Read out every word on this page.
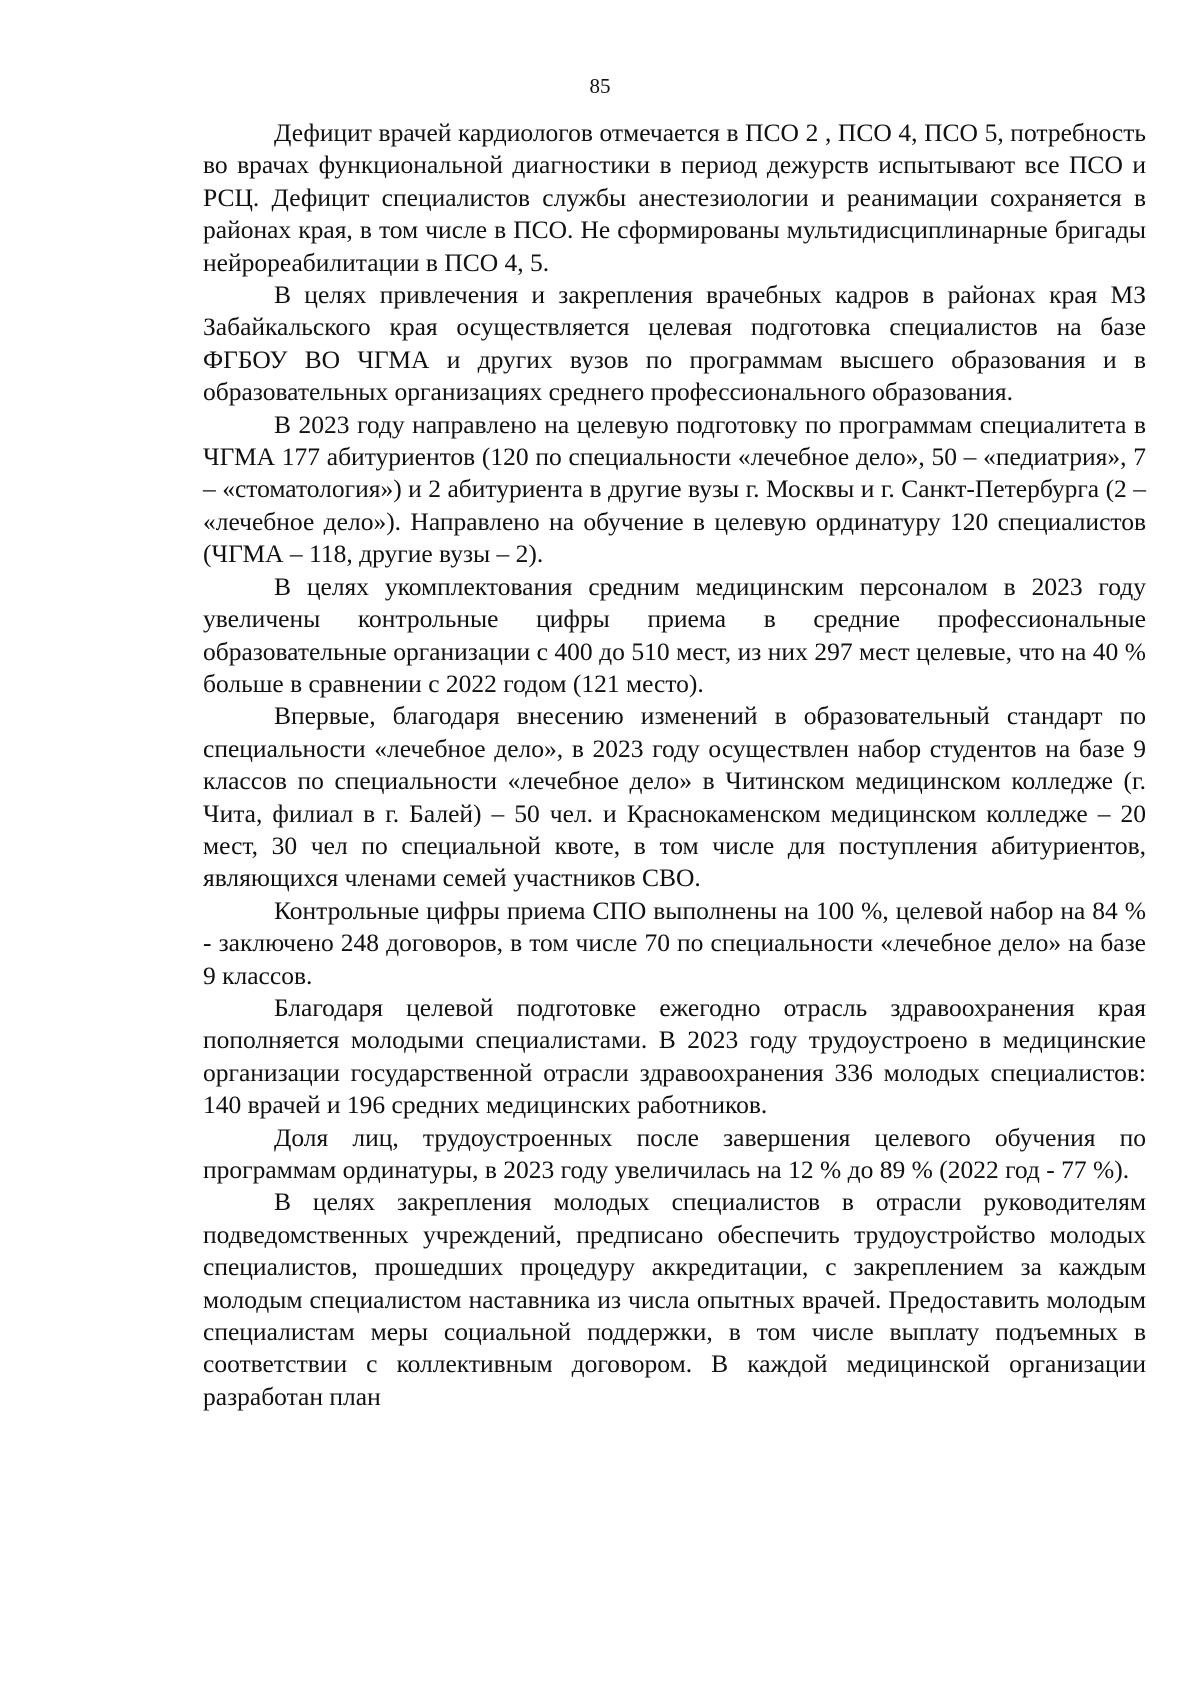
85

Дефицит врачей кардиологов отмечается в ПСО 2 , ПСО 4, ПСО 5, потребность во врачах функциональной диагностики в период дежурств испытывают все ПСО и РСЦ. Дефицит специалистов службы анестезиологии и реанимации сохраняется в районах края, в том числе в ПСО. Не сформированы мультидисциплинарные бригады нейрореабилитации в ПСО 4, 5.

В целях привлечения и закрепления врачебных кадров в районах края МЗ Забайкальского края осуществляется целевая подготовка специалистов на базе ФГБОУ ВО ЧГМА и других вузов по программам высшего образования и в образовательных организациях среднего профессионального образования.

В 2023 году направлено на целевую подготовку по программам специалитета в ЧГМА 177 абитуриентов (120 по специальности «лечебное дело», 50 – «педиатрия», 7 – «стоматология») и 2 абитуриента в другие вузы г. Москвы и г. Санкт-Петербурга (2 – «лечебное дело»). Направлено на обучение в целевую ординатуру 120 специалистов (ЧГМА – 118, другие вузы – 2).

В целях укомплектования средним медицинским персоналом в 2023 году увеличены контрольные цифры приема в средние профессиональные образовательные организации с 400 до 510 мест, из них 297 мест целевые, что на 40 % больше в сравнении с 2022 годом (121 место).

Впервые, благодаря внесению изменений в образовательный стандарт по специальности «лечебное дело», в 2023 году осуществлен набор студентов на базе 9 классов по специальности «лечебное дело» в Читинском медицинском колледже (г. Чита, филиал в г. Балей) – 50 чел. и Краснокаменском медицинском колледже – 20 мест, 30 чел по специальной квоте, в том числе для поступления абитуриентов, являющихся членами семей участников СВО.

Контрольные цифры приема СПО выполнены на 100 %, целевой набор на 84 % - заключено 248 договоров, в том числе 70 по специальности «лечебное дело» на базе 9 классов.

Благодаря целевой подготовке ежегодно отрасль здравоохранения края пополняется молодыми специалистами. В 2023 году трудоустроено в медицинские организации государственной отрасли здравоохранения 336 молодых специалистов: 140 врачей и 196 средних медицинских работников.

Доля лиц, трудоустроенных после завершения целевого обучения по программам ординатуры, в 2023 году увеличилась на 12 % до 89 % (2022 год - 77 %).

В целях закрепления молодых специалистов в отрасли руководителям подведомственных учреждений, предписано обеспечить трудоустройство молодых специалистов, прошедших процедуру аккредитации, с закреплением за каждым молодым специалистом наставника из числа опытных врачей. Предоставить молодым специалистам меры социальной поддержки, в том числе выплату подъемных в соответствии с коллективным договором. В каждой медицинской организации разработан план
